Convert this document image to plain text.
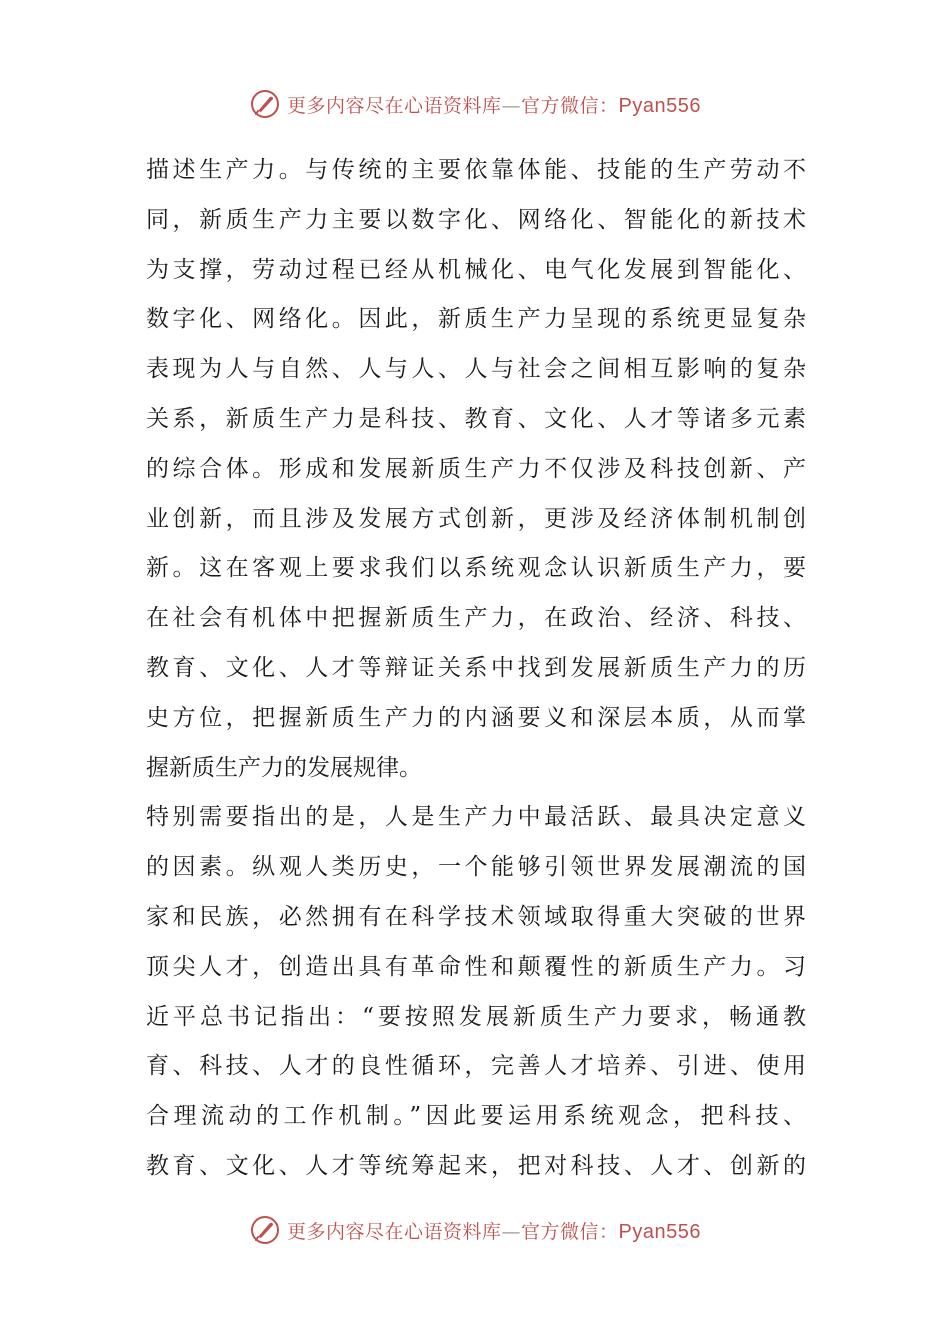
更多内容尽在心语资料库—官方微信：Pyan556
描述生产力。与传统的主要依靠体能、技能的生产劳动不
同，新质生产力主要以数字化、网络化、智能化的新技术
为支撑，劳动过程已经从机械化、电气化发展到智能化、
数字化、网络化。因此，新质生产力呈现的系统更显复杂
表现为人与自然、人与人、人与社会之间相互影响的复杂
关系，新质生产力是科技、教育、文化、人才等诸多元素
的综合体。形成和发展新质生产力不仅涉及科技创新、产
业创新，而且涉及发展方式创新，更涉及经济体制机制创
新。这在客观上要求我们以系统观念认识新质生产力，要
在社会有机体中把握新质生产力，在政治、经济、科技、
教育、文化、人才等辩证关系中找到发展新质生产力的历
史方位，把握新质生产力的内涵要义和深层本质，从而掌
握新质生产力的发展规律。
特别需要指出的是，人是生产力中最活跃、最具决定意义
的因素。纵观人类历史，一个能够引领世界发展潮流的国
家和民族，必然拥有在科学技术领域取得重大突破的世界
顶尖人才，创造出具有革命性和颠覆性的新质生产力。习
近平总书记指出：“要按照发展新质生产力要求，畅通教
育、科技、人才的良性循环，完善人才培养、引进、使用
合理流动的工作机制。”因此要运用系统观念，把科技、
教育、文化、人才等统筹起来，把对科技、人才、创新的
更多内容尽在心语资料库—官方微信：Pyan556
